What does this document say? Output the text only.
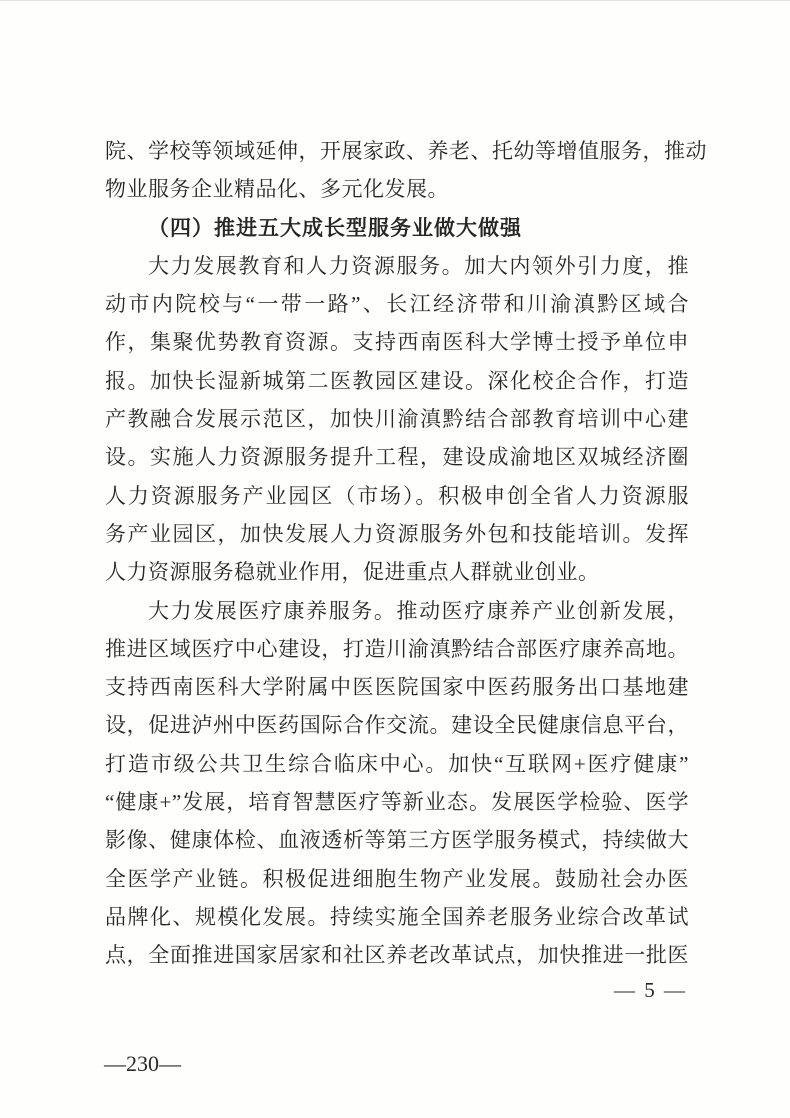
院、学校等领域延伸，开展家政、养老、托幼等增值服务，推动
物业服务企业精品化、多元化发展。
（四）推进五大成长型服务业做大做强
大力发展教育和人力资源服务。加大内领外引力度，推
动市内院校与“一带一路”、长江经济带和川渝滇黔区域合
作，集聚优势教育资源。支持西南医科大学博士授予单位申
报。加快长湿新城第二医教园区建设。深化校企合作，打造
产教融合发展示范区，加快川渝滇黔结合部教育培训中心建
设。实施人力资源服务提升工程，建设成渝地区双城经济圈
人力资源服务产业园区（市场）。积极申创全省人力资源服
务产业园区，加快发展人力资源服务外包和技能培训。发挥
人力资源服务稳就业作用，促进重点人群就业创业。
大力发展医疗康养服务。推动医疗康养产业创新发展，
推进区域医疗中心建设，打造川渝滇黔结合部医疗康养高地。
支持西南医科大学附属中医医院国家中医药服务出口基地建
设，促进泸州中医药国际合作交流。建设全民健康信息平台，
打造市级公共卫生综合临床中心。加快“互联网+医疗健康”
“健康+”发展，培育智慧医疗等新业态。发展医学检验、医学
影像、健康体检、血液透析等第三方医学服务模式，持续做大
全医学产业链。积极促进细胞生物产业发展。鼓励社会办医
品牌化、规模化发展。持续实施全国养老服务业综合改革试
点，全面推进国家居家和社区养老改革试点，加快推进一批医
— 5 —
—230—
